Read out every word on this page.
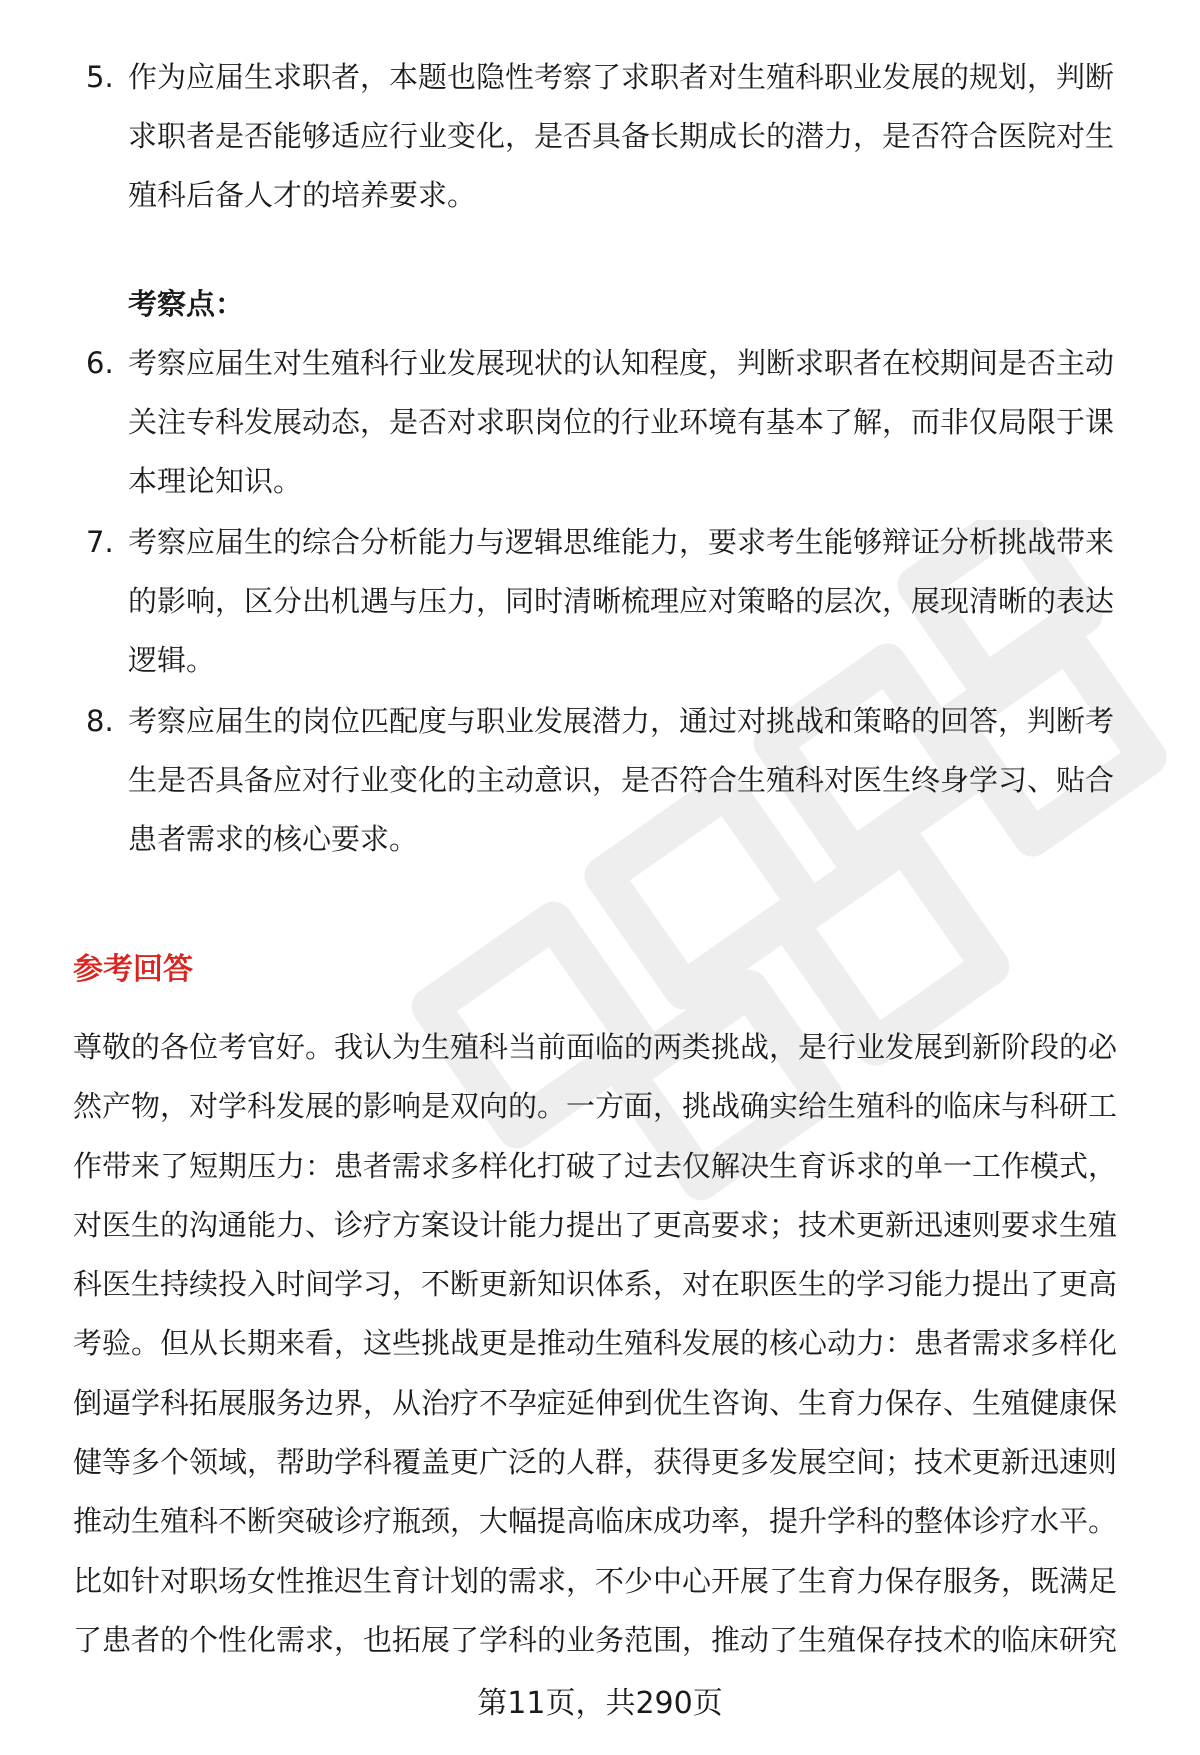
5. 作为应届生求职者，本题也隐性考察了求职者对生殖科职业发展的规划，判断
求职者是否能够适应行业变化，是否具备长期成长的潜力，是否符合医院对生
殖科后备人才的培养要求。
考察点：
6. 考察应届生对生殖科行业发展现状的认知程度，判断求职者在校期间是否主动
关注专科发展动态，是否对求职岗位的行业环境有基本了解，而非仅局限于课
本理论知识。
7. 考察应届生的综合分析能力与逻辑思维能力，要求考生能够辩证分析挑战带来
的影响，区分出机遇与压力，同时清晰梳理应对策略的层次，展现清晰的表达
逻辑。
8. 考察应届生的岗位匹配度与职业发展潜力，通过对挑战和策略的回答，判断考
生是否具备应对行业变化的主动意识，是否符合生殖科对医生终身学习、贴合
患者需求的核心要求。
参考回答
尊敬的各位考官好。我认为生殖科当前面临的两类挑战，是行业发展到新阶段的必
然产物，对学科发展的影响是双向的。一方面，挑战确实给生殖科的临床与科研工
作带来了短期压力：患者需求多样化打破了过去仅解决生育诉求的单一工作模式，
对医生的沟通能力、诊疗方案设计能力提出了更高要求；技术更新迅速则要求生殖
科医生持续投入时间学习，不断更新知识体系，对在职医生的学习能力提出了更高
考验。但从长期来看，这些挑战更是推动生殖科发展的核心动力：患者需求多样化
倒逼学科拓展服务边界，从治疗不孕症延伸到优生咨询、生育力保存、生殖健康保
健等多个领域，帮助学科覆盖更广泛的人群，获得更多发展空间；技术更新迅速则
推动生殖科不断突破诊疗瓶颈，大幅提高临床成功率，提升学科的整体诊疗水平。
比如针对职场女性推迟生育计划的需求，不少中心开展了生育力保存服务，既满足
了患者的个性化需求，也拓展了学科的业务范围，推动了生殖保存技术的临床研究
第11页，共290页
